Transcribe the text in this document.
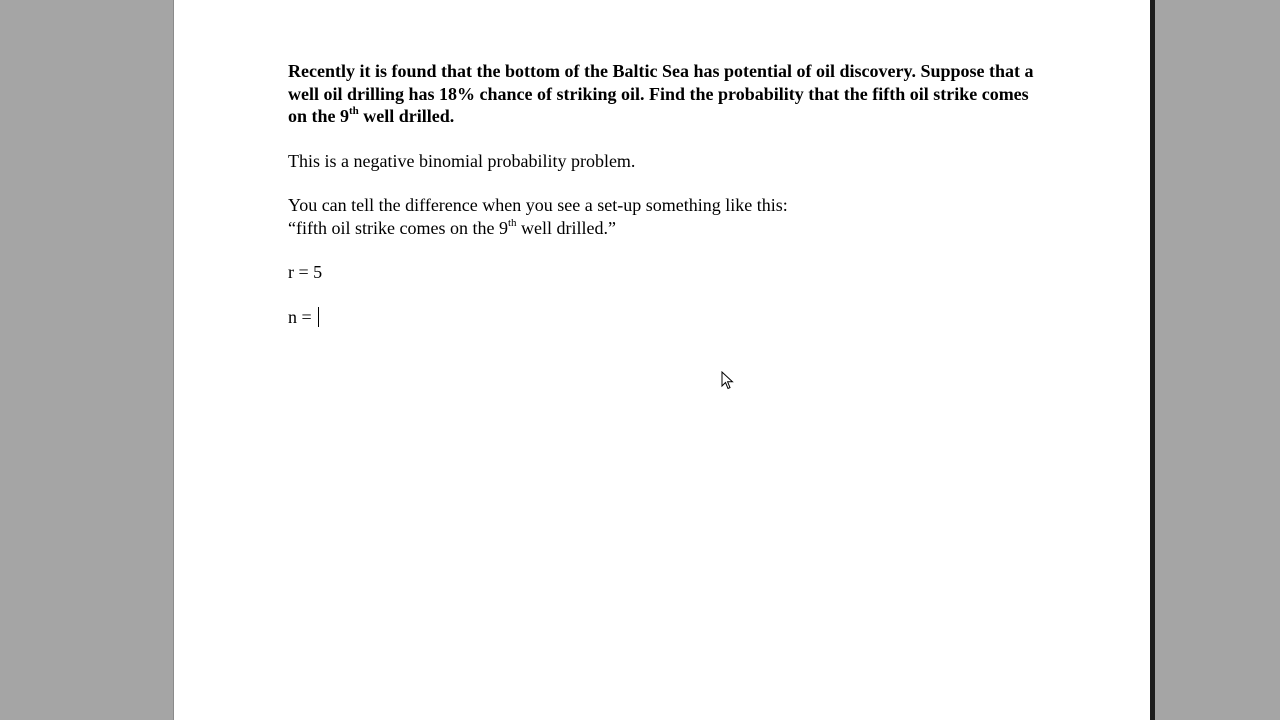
Recently it is found that the bottom of the Baltic Sea has potential of oil discovery. Suppose that a well oil drilling has 18% chance of striking oil. Find the probability that the fifth oil strike comes on the 9th well drilled.

This is a negative binomial probability problem.

You can tell the difference when you see a set-up something like this:
“fifth oil strike comes on the 9th well drilled.”

r = 5

n =
